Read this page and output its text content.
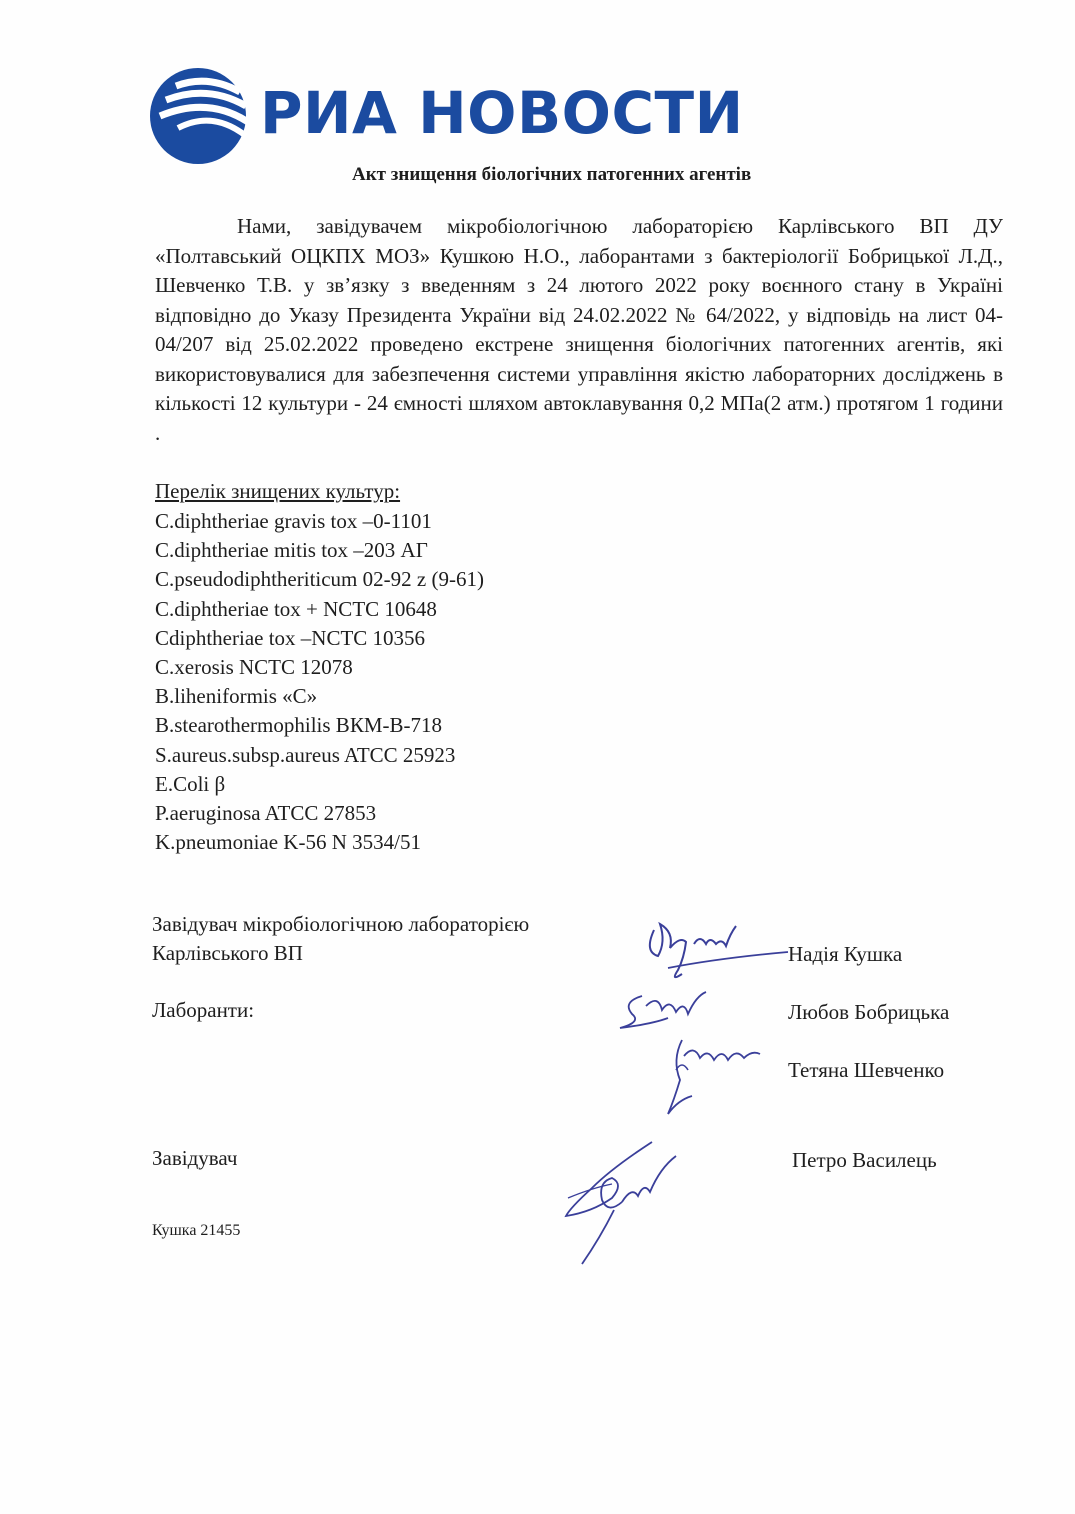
РИА НОВОСТИ
Акт знищення біологічних патогенних агентів

Нами, завідувачем мікробіологічною лабораторією Карлівського ВП ДУ «Полтавський ОЦКПХ МОЗ» Кушкою Н.О., лаборантами з бактеріології Бобрицької Л.Д., Шевченко Т.В. у зв’язку з введенням з 24 лютого 2022 року воєнного стану в Україні відповідно до Указу Президента України від 24.02.2022 № 64/2022, у відповідь на лист 04-04/207 від 25.02.2022 проведено екстрене знищення біологічних патогенних агентів, які використовувалися для забезпечення системи управління якістю лабораторних досліджень в кількості 12 культури - 24 ємності шляхом автоклавування 0,2 МПа(2 атм.) протягом 1 години .

Перелік знищених культур:
C.diphtheriae gravis tox –0-1101
C.diphtheriae mitis tox –203 АГ
C.pseudodiphtheriticum 02-92 z (9-61)
C.diphtheriae tox + NCTC 10648
Cdiphtheriae tox –NCTC 10356
C.xerosis NCTC 12078
B.liheniformis «C»
B.stearothermophilis ВКМ-В-718
S.aureus.subsp.aureus ATCC 25923
E.Coli β
P.aeruginosa ATCC 27853
K.pneumoniae K-56 N 3534/51
Завідувач мікробіологічною лабораторією
Карлівського ВП	Надія Кушка
Лаборанти:	Любов Бобрицька
Тетяна Шевченко
Завідувач	Петро Василець
Кушка 21455
